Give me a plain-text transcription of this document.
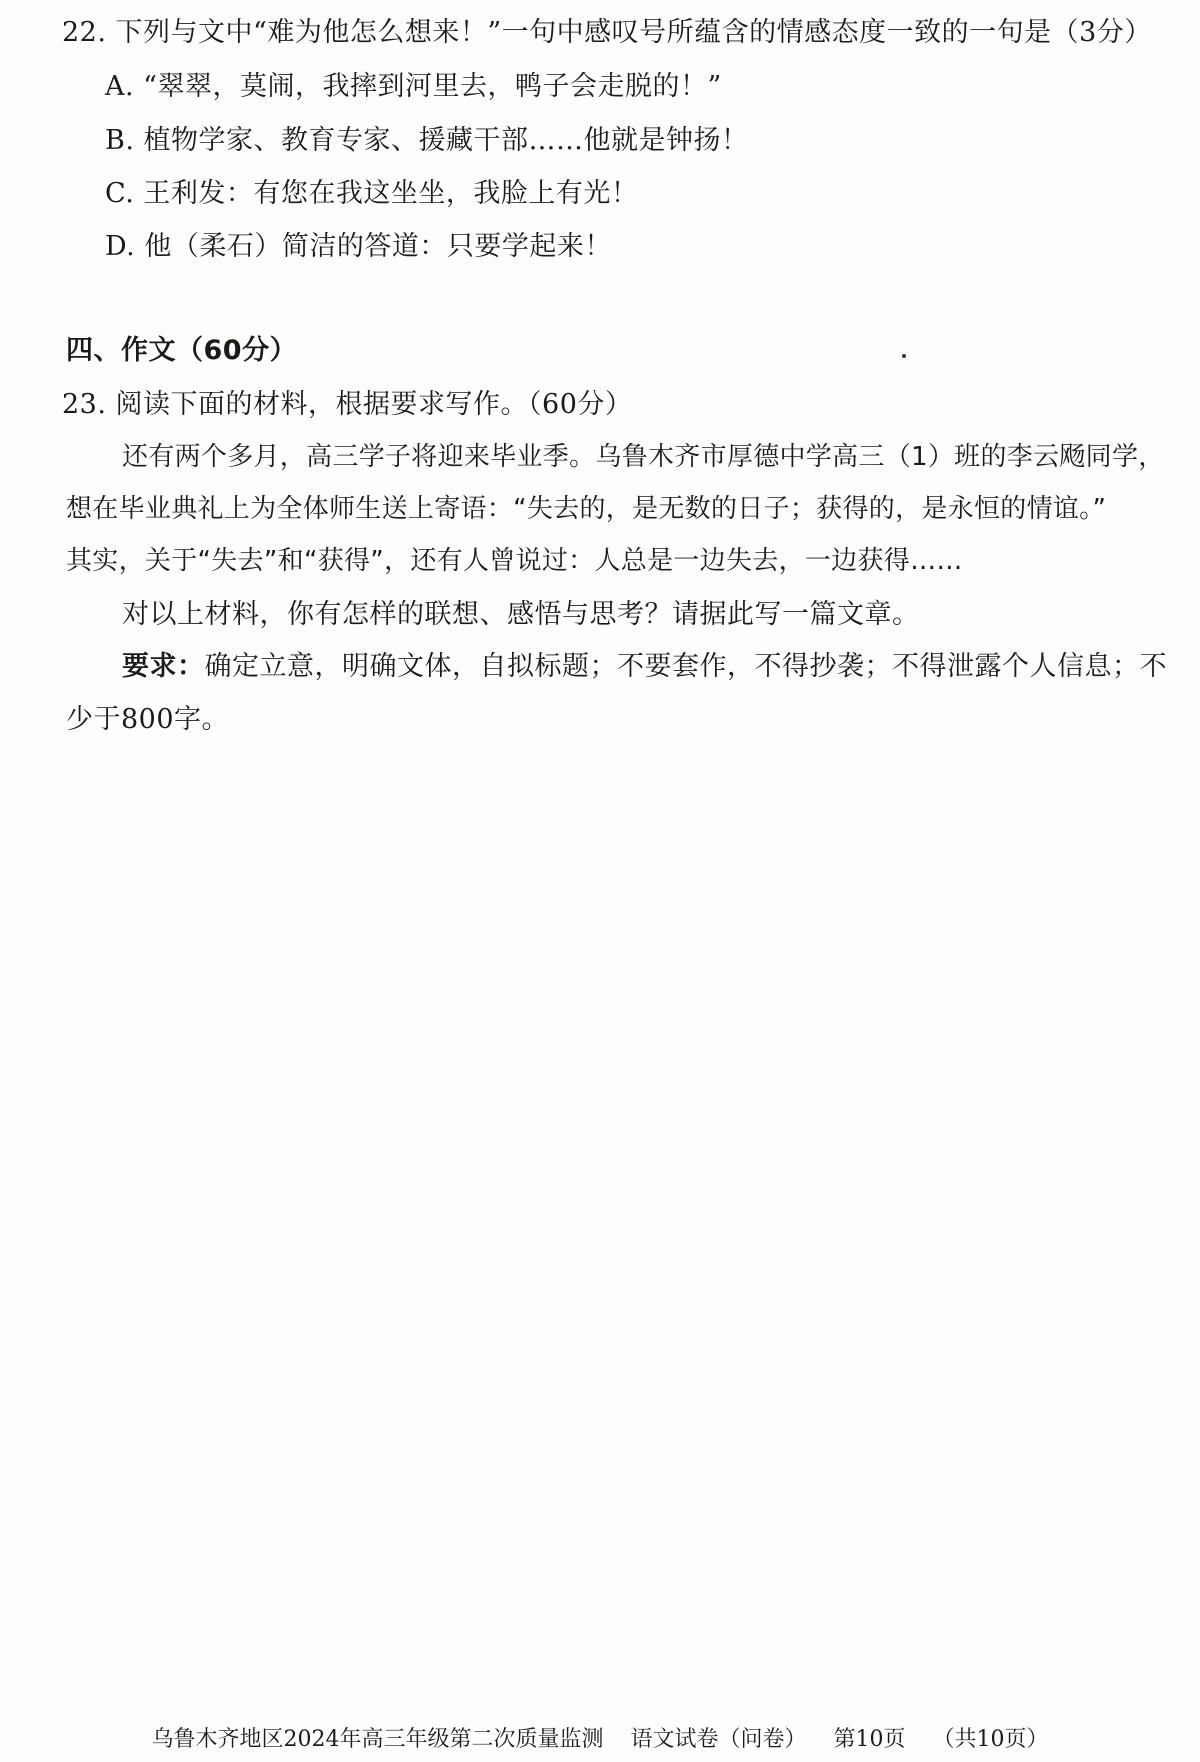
22. 下列与文中“难为他怎么想来！”一句中感叹号所蕴含的情感态度一致的一句是（3分）
A. “翠翠，莫闹，我摔到河里去，鸭子会走脱的！”
B. 植物学家、教育专家、援藏干部……他就是钟扬！
C. 王利发：有您在我这坐坐，我脸上有光！
D. 他（柔石）简洁的答道：只要学起来！
四、作文（60分）
23. 阅读下面的材料，根据要求写作。（60分）
还有两个多月，高三学子将迎来毕业季。乌鲁木齐市厚德中学高三（1）班的李云飏同学，
想在毕业典礼上为全体师生送上寄语：“失去的，是无数的日子；获得的，是永恒的情谊。”
其实，关于“失去”和“获得”，还有人曾说过：人总是一边失去，一边获得……
对以上材料，你有怎样的联想、感悟与思考？请据此写一篇文章。
要求：确定立意，明确文体，自拟标题；不要套作，不得抄袭；不得泄露个人信息；不
少于800字。
乌鲁木齐地区2024年高三年级第二次质量监测 语文试卷（问卷） 第10页 （共10页）
